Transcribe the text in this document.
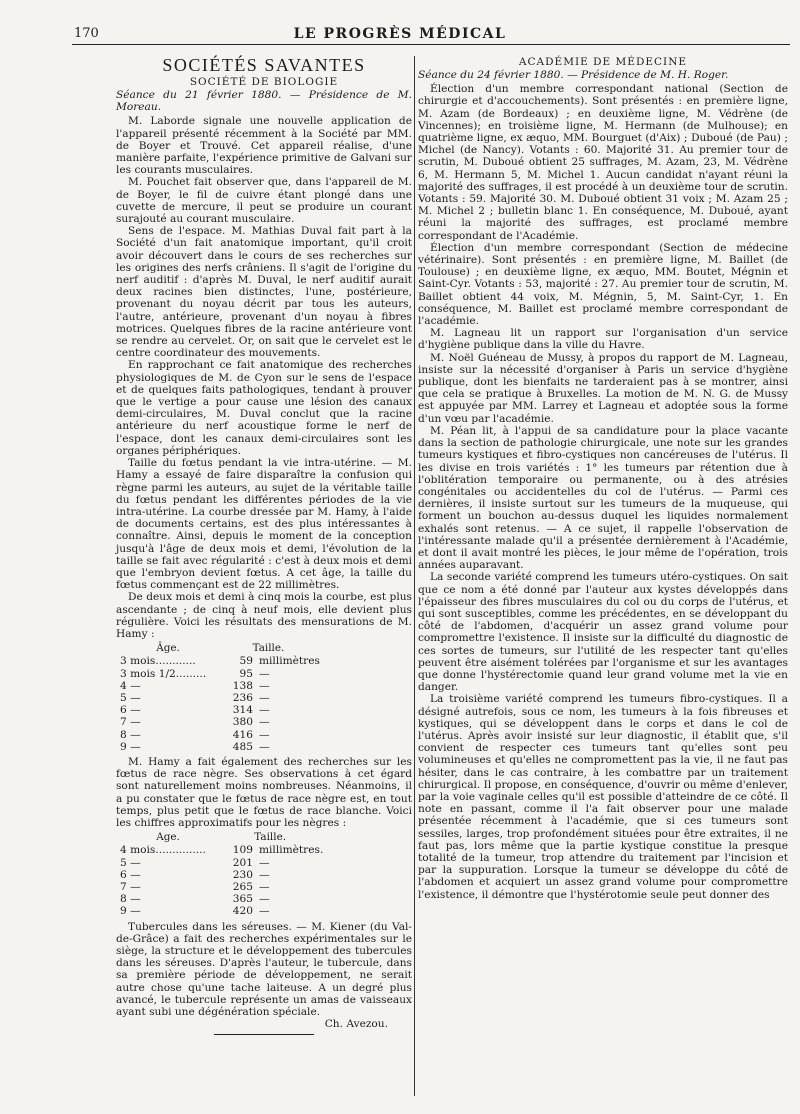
170	LE PROGRÈS MÉDICAL
SOCIÉTÉS SAVANTES
SOCIÉTÉ DE BIOLOGIE
Séance du 21 février 1880. — Présidence de M. Moreau.

M. Laborde signale une nouvelle application de l'appareil présenté récemment à la Société par MM. de Boyer et Trouvé. Cet appareil réalise, d'une manière parfaite, l'expérience primitive de Galvani sur les courants musculaires.

M. Pouchet fait observer que, dans l'appareil de M. de Boyer, le fil de cuivre étant plongé dans une cuvette de mercure, il peut se produire un courant surajouté au courant musculaire.

Sens de l'espace. M. Mathias Duval fait part à la Société d'un fait anatomique important, qu'il croit avoir découvert dans le cours de ses recherches sur les origines des nerfs crâniens. Il s'agit de l'origine du nerf auditif : d'après M. Duval, le nerf auditif aurait deux racines bien distinctes, l'une, postérieure, provenant du noyau décrit par tous les auteurs, l'autre, antérieure, provenant d'un noyau à fibres motrices. Quelques fibres de la racine antérieure vont se rendre au cervelet. Or, on sait que le cervelet est le centre coordinateur des mouvements.

En rapprochant ce fait anatomique des recherches physiologiques de M. de Cyon sur le sens de l'espace et de quelques faits pathologiques, tendant à prouver que le vertige a pour cause une lésion des canaux demi-circulaires, M. Duval conclut que la racine antérieure du nerf acoustique forme le nerf de l'espace, dont les canaux demi-circulaires sont les organes périphériques.

Taille du fœtus pendant la vie intra-utérine. — M. Hamy a essayé de faire disparaître la confusion qui règne parmi les auteurs, au sujet de la véritable taille du fœtus pendant les différentes périodes de la vie intra-utérine. La courbe dressée par M. Hamy, à l'aide de documents certains, est des plus intéressantes à connaître. Ainsi, depuis le moment de la conception jusqu'à l'âge de deux mois et demi, l'évolution de la taille se fait avec régularité : c'est à deux mois et demi que l'embryon devient fœtus. A cet âge, la taille du fœtus commençant est de 22 millimètres.

De deux mois et demi à cinq mois la courbe, est plus ascendante ; de cinq à neuf mois, elle devient plus régulière. Voici les résultats des mensurations de M. Hamy :

Âge.	Taille.	
3 mois............	59	millimètres
3 mois 1/2.........	95	—
4 —	138	—
5 —	236	—
6 —	314	—
7 —	380	—
8 —	416	—
9 —	485	—

M. Hamy a fait également des recherches sur les fœtus de race nègre. Ses observations à cet égard sont naturellement moins nombreuses. Néanmoins, il a pu constater que le fœtus de race nègre est, en tout temps, plus petit que le fœtus de race blanche. Voici les chiffres approximatifs pour les nègres :

Age.	Taille.	
4 mois...............	109	millimètres.
5 —	201	—
6 —	230	—
7 —	265	—
8 —	365	—
9 —	420	—

Tubercules dans les séreuses. — M. Kiener (du Val-de-Grâce) a fait des recherches expérimentales sur le siège, la structure et le développement des tubercules dans les séreuses. D'après l'auteur, le tubercule, dans sa première période de développement, ne serait autre chose qu'une tache laiteuse. A un degré plus avancé, le tubercule représente un amas de vaisseaux ayant subi une dégénération spéciale.

Ch. Avezou.
ACADÉMIE DE MÉDECINE
Séance du 24 février 1880. — Présidence de M. H. Roger.

Élection d'un membre correspondant national (Section de chirurgie et d'accouchements). Sont présentés : en première ligne, M. Azam (de Bordeaux) ; en deuxième ligne, M. Védrène (de Vincennes); en troisième ligne, M. Hermann (de Mulhouse); en quatrième ligne, ex æquo, MM. Bourguet (d'Aix) ; Duboué (de Pau) ; Michel (de Nancy). Votants : 60. Majorité 31. Au premier tour de scrutin, M. Duboué obtient 25 suffrages, M. Azam, 23, M. Védrène 6, M. Hermann 5, M. Michel 1. Aucun candidat n'ayant réuni la majorité des suffrages, il est procédé à un deuxième tour de scrutin. Votants : 59. Majorité 30. M. Duboué obtient 31 voix ; M. Azam 25 ; M. Michel 2 ; bulletin blanc 1. En conséquence, M. Duboué, ayant réuni la majorité des suffrages, est proclamé membre correspondant de l'Académie.

Élection d'un membre correspondant (Section de médecine vétérinaire). Sont présentés : en première ligne, M. Baillet (de Toulouse) ; en deuxième ligne, ex æquo, MM. Boutet, Mégnin et Saint-Cyr. Votants : 53, majorité : 27. Au premier tour de scrutin, M. Baillet obtient 44 voix, M. Mégnin, 5, M. Saint-Cyr, 1. En conséquence, M. Baillet est proclamé membre correspondant de l'académie.

M. Lagneau lit un rapport sur l'organisation d'un service d'hygiène publique dans la ville du Havre.

M. Noël Guéneau de Mussy, à propos du rapport de M. Lagneau, insiste sur la nécessité d'organiser à Paris un service d'hygiène publique, dont les bienfaits ne tarderaient pas à se montrer, ainsi que cela se pratique à Bruxelles. La motion de M. N. G. de Mussy est appuyée par MM. Larrey et Lagneau et adoptée sous la forme d'un vœu par l'académie.

M. Péan lit, à l'appui de sa candidature pour la place vacante dans la section de pathologie chirurgicale, une note sur les grandes tumeurs kystiques et fibro-cystiques non cancéreuses de l'utérus. Il les divise en trois variétés : 1° les tumeurs par rétention due à l'oblitération temporaire ou permanente, ou à des atrésies congénitales ou accidentelles du col de l'utérus. — Parmi ces dernières, il insiste surtout sur les tumeurs de la muqueuse, qui forment un bouchon au-dessus duquel les liquides normalement exhalés sont retenus. — A ce sujet, il rappelle l'observation de l'intéressante malade qu'il a présentée dernièrement à l'Académie, et dont il avait montré les pièces, le jour même de l'opération, trois années auparavant.

La seconde variété comprend les tumeurs utéro-cystiques. On sait que ce nom a été donné par l'auteur aux kystes développés dans l'épaisseur des fibres musculaires du col ou du corps de l'utérus, et qui sont susceptibles, comme les précédentes, en se développant du côté de l'abdomen, d'acquérir un assez grand volume pour compromettre l'existence. Il insiste sur la difficulté du diagnostic de ces sortes de tumeurs, sur l'utilité de les respecter tant qu'elles peuvent être aisément tolérées par l'organisme et sur les avantages que donne l'hystérectomie quand leur grand volume met la vie en danger.

La troisième variété comprend les tumeurs fibro-cystiques. Il a désigné autrefois, sous ce nom, les tumeurs à la fois fibreuses et kystiques, qui se développent dans le corps et dans le col de l'utérus. Après avoir insisté sur leur diagnostic, il établit que, s'il convient de respecter ces tumeurs tant qu'elles sont peu volumineuses et qu'elles ne compromettent pas la vie, il ne faut pas hésiter, dans le cas contraire, à les combattre par un traitement chirurgical. Il propose, en conséquence, d'ouvrir ou même d'enlever, par la voie vaginale celles qu'il est possible d'atteindre de ce côté. Il note en passant, comme il l'a fait observer pour une malade présentée récemment à l'académie, que si ces tumeurs sont sessiles, larges, trop profondément situées pour être extraites, il ne faut pas, lors même que la partie kystique constitue la presque totalité de la tumeur, trop attendre du traitement par l'incision et par la suppuration. Lorsque la tumeur se développe du côté de l'abdomen et acquiert un assez grand volume pour compromettre l'existence, il démontre que l'hystérotomie seule peut donner des
